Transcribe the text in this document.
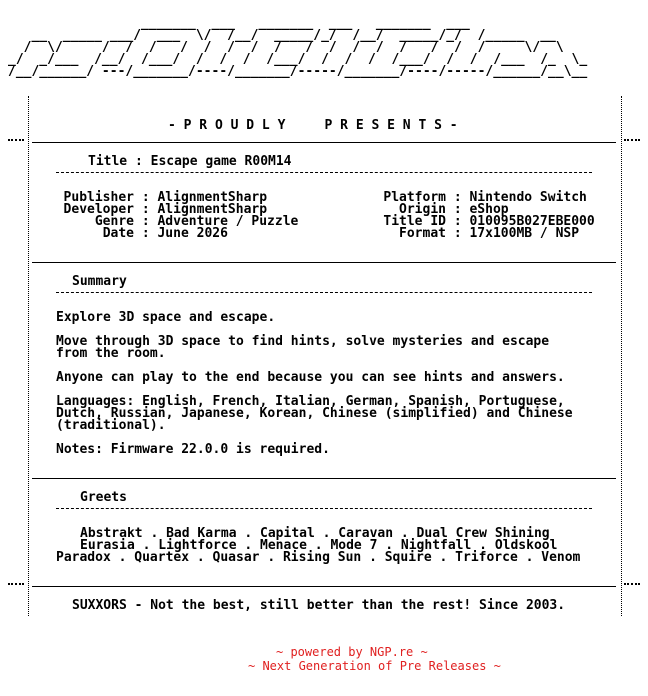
_______  ___   _______  ___   _______  ___
__  _____ ___/  ___  \/  /__/  _____/_/  /__/  _____/_/  /_____  __
/  \/     /  /  /   /  /  /  /  /   /  /  /  /  /   /  /  /     \/  \
_/  _/___  /__/  /___/  /  /  /  /___/  /  /  /  /___/  /  /  /___  /_  \_
/__/______/ ---/_______/----/_______/-----/_______/----/-----/______/__\__
- P R O U D L Y     P R E S E N T S -
Title : Escape game R00M14
Publisher : AlignmentSharp
Developer : AlignmentSharp
Genre : Adventure / Puzzle
Date : June 2026
Platform : Nintendo Switch
Origin : eShop
Title ID : 010095B027EBE000
Format : 17x100MB / NSP
Summary
Explore 3D space and escape.
Move through 3D space to find hints, solve mysteries and escape
from the room.
Anyone can play to the end because you can see hints and answers.
Languages: English, French, Italian, German, Spanish, Portuguese,
Dutch, Russian, Japanese, Korean, Chinese (simplified) and Chinese
(traditional).
Notes: Firmware 22.0.0 is required.
Greets
Abstrakt . Bad Karma . Capital . Caravan . Dual Crew Shining
Eurasia . Lightforce . Menace . Mode 7 . Nightfall . Oldskool
Paradox . Quartex . Quasar . Rising Sun . Squire . Triforce . Venom
SUXXORS - Not the best, still better than the rest! Since 2003.
~ powered by NGP.re ~
~ Next Generation of Pre Releases ~
